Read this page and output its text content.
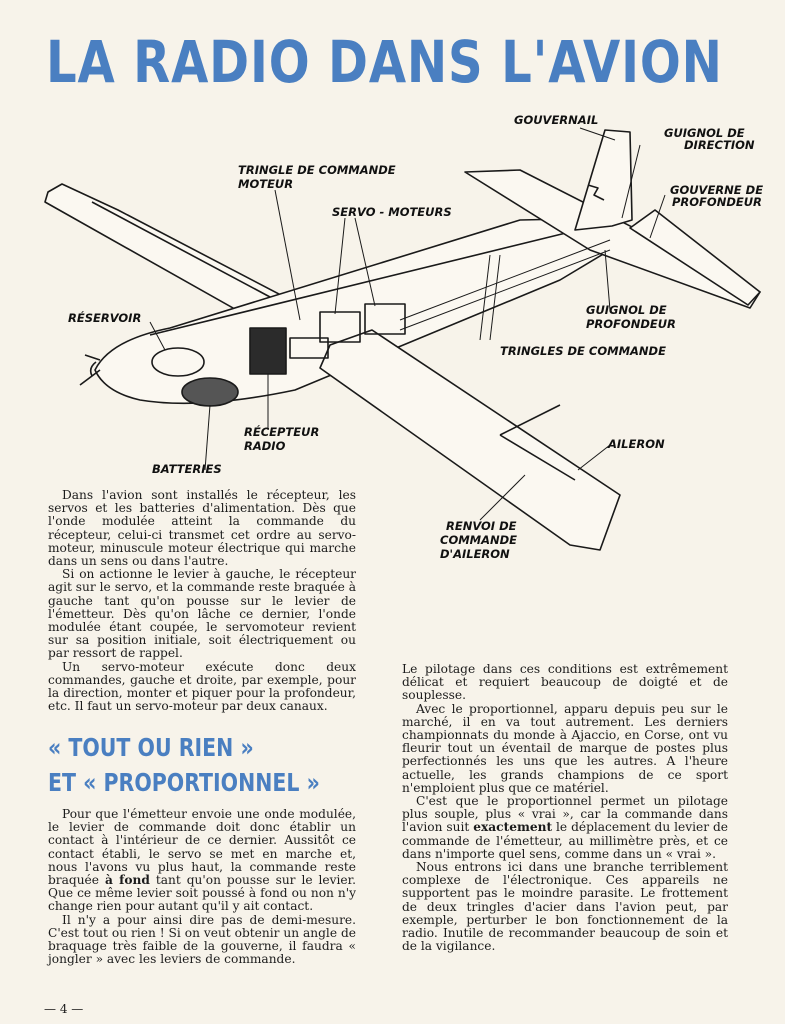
LA RADIO DANS L'AVION
GOUVERNAIL
GUIGNOL DE
DIRECTION
GOUVERNE DE
PROFONDEUR
TRINGLE DE COMMANDE
MOTEUR
SERVO - MOTEURS
RÉSERVOIR
GUIGNOL DE
PROFONDEUR
TRINGLES DE COMMANDE
RÉCEPTEUR
RADIO	AILERON
BATTERIES
RENVOI DE
COMMANDE
D'AILERON

Dans l'avion sont installés le récepteur, les servos et les batteries d'alimentation. Dès que l'onde modulée atteint la commande du récepteur, celui-ci transmet cet ordre au servo-moteur, minuscule moteur électrique qui marche dans un sens ou dans l'autre.

Si on actionne le levier à gauche, le récepteur agit sur le servo, et la commande reste braquée à gauche tant qu'on pousse sur le levier de l'émetteur. Dès qu'on lâche ce dernier, l'onde modulée étant coupée, le servomoteur revient sur sa position initiale, soit électriquement ou par ressort de rappel.

Un servo-moteur exécute donc deux commandes, gauche et droite, par exemple, pour la direction, monter et piquer pour la profondeur, etc. Il faut un servo-moteur par deux canaux.

« TOUT OU RIEN »
ET « PROPORTIONNEL »

Pour que l'émetteur envoie une onde modulée, le levier de commande doit donc établir un contact à l'intérieur de ce dernier. Aussitôt ce contact établi, le servo se met en marche et, nous l'avons vu plus haut, la commande reste braquée à fond tant qu'on pousse sur le levier. Que ce même levier soit poussé à fond ou non n'y change rien pour autant qu'il y ait contact.

Il n'y a pour ainsi dire pas de demi-mesure. C'est tout ou rien ! Si on veut obtenir un angle de braquage très faible de la gouverne, il faudra « jongler » avec les leviers de commande.

Le pilotage dans ces conditions est extrêmement délicat et requiert beaucoup de doigté et de souplesse.

Avec le proportionnel, apparu depuis peu sur le marché, il en va tout autrement. Les derniers championnats du monde à Ajaccio, en Corse, ont vu fleurir tout un éventail de marque de postes plus perfectionnés les uns que les autres. A l'heure actuelle, les grands champions de ce sport n'emploient plus que ce matériel.

C'est que le proportionnel permet un pilotage plus souple, plus « vrai », car la commande dans l'avion suit exactement le déplacement du levier de commande de l'émetteur, au millimètre près, et ce dans n'importe quel sens, comme dans un « vrai ».

Nous entrons ici dans une branche terriblement complexe de l'électronique. Ces appareils ne supportent pas le moindre parasite. Le frottement de deux tringles d'acier dans l'avion peut, par exemple, perturber le bon fonctionnement de la radio. Inutile de recommander beaucoup de soin et de la vigilance.

— 4 —
